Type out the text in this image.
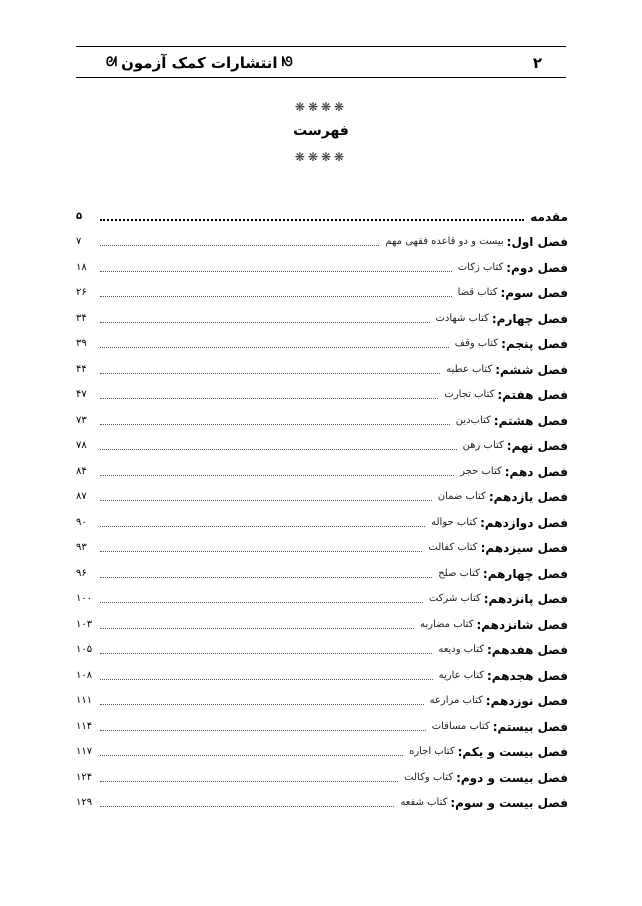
۲
ᘚ
انتشارات کمک آزمون
ᘛ
❋❋❋❋
فهرست
❋❋❋❋
مقدمه
۵
فصل اول:
بیست و دو قاعده فقهی مهم
۷
فصل دوم:
کتاب زکات
۱۸
فصل سوم:
کتاب قضا
۲۶
فصل چهارم:
کتاب شهادت
۳۴
فصل پنجم:
کتاب وقف
۳۹
فصل ششم:
کتاب عطیه
۴۴
فصل هفتم:
کتاب تجارت
۴۷
فصل هشتم:
کتاب‌دین
۷۳
فصل نهم:
کتاب رهن
۷۸
فصل دهم:
کتاب حجر
۸۴
فصل یازدهم:
کتاب ضمان
۸۷
فصل دوازدهم:
کتاب حواله
۹۰
فصل سیزدهم:
کتاب کفالت
۹۳
فصل چهارهم:
کتاب صلح
۹۶
فصل پانزدهم:
کتاب شرکت
۱۰۰
فصل شانزدهم:
کتاب مضاربه
۱۰۳
فصل هفدهم:
کتاب ودیعه
۱۰۵
فصل هجدهم:
کتاب عاریه
۱۰۸
فصل نوزدهم:
کتاب مزارعه
۱۱۱
فصل بیستم:
کتاب مساقات
۱۱۴
فصل بیست و یکم:
کتاب اجاره
۱۱۷
فصل بیست و دوم:
کتاب وکالت
۱۲۴
فصل بیست و سوم:
کتاب شفعه
۱۲۹
